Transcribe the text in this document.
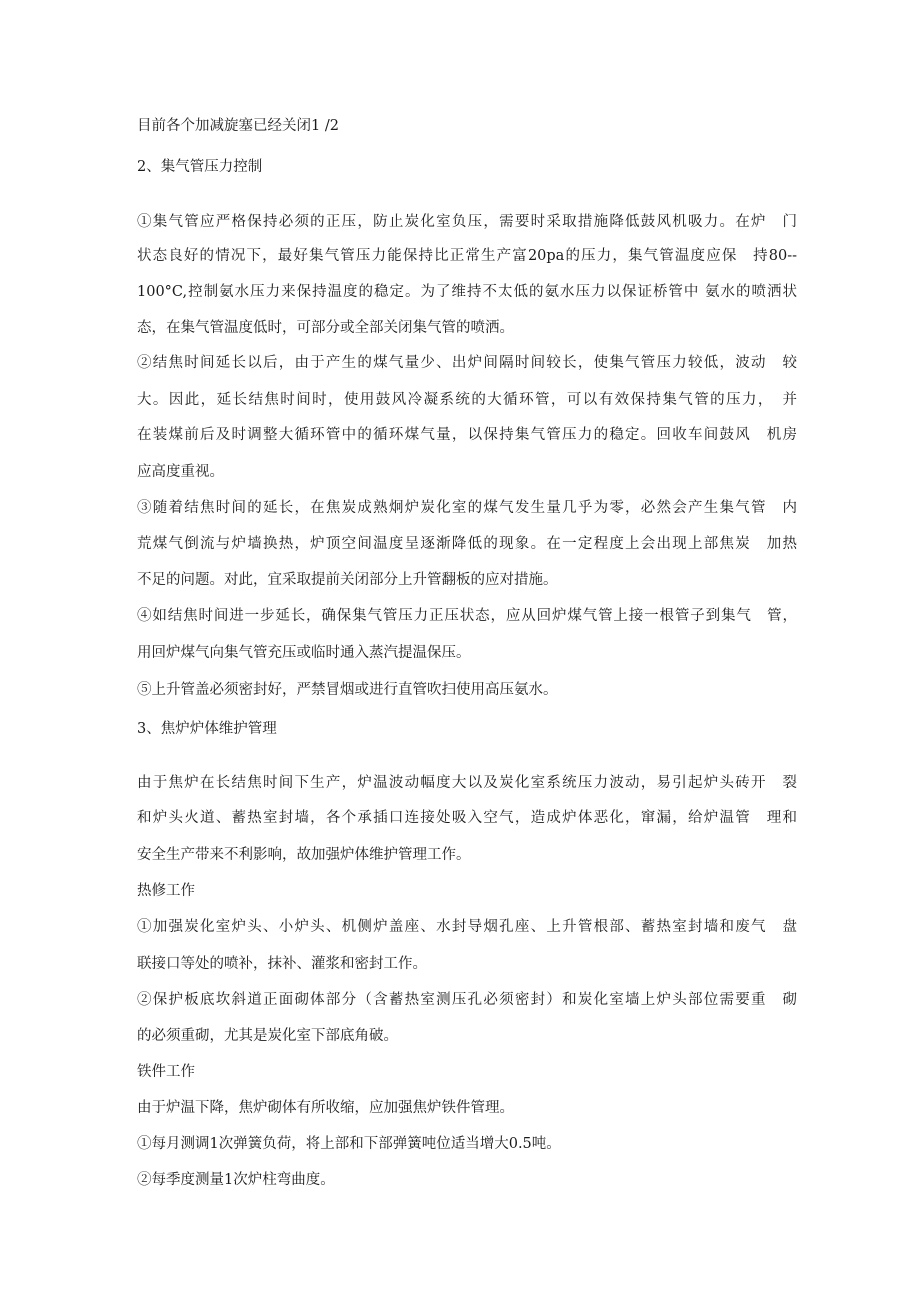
目前各个加减旋塞已经关闭1 /2
2、集气管压力控制
①集气管应严格保持必须的正压，防止炭化室负压，需要时采取措施降低鼓风机吸力。在炉　门
状态良好的情况下，最好集气管压力能保持比正常生产富20pa的压力，集气管温度应保　持80--
100°C,控制氨水压力来保持温度的稳定。为了维持不太低的氨水压力以保证桥管中 氨水的喷洒状
态，在集气管温度低时，可部分或全部关闭集气管的喷洒。
②结焦时间延长以后，由于产生的煤气量少、出炉间隔时间较长，使集气管压力较低，波动　较
大。因此，延长结焦时间时，使用鼓风冷凝系统的大循环管，可以有效保持集气管的压力，　并
在装煤前后及时调整大循环管中的循环煤气量，以保持集气管压力的稳定。回收车间鼓风　机房
应高度重视。
③随着结焦时间的延长，在焦炭成熟炯炉炭化室的煤气发生量几乎为零，必然会产生集气管　内
荒煤气倒流与炉墙换热，炉顶空间温度呈逐渐降低的现象。在一定程度上会出现上部焦炭　加热
不足的问题。对此，宜采取提前关闭部分上升管翻板的应对措施。
④如结焦时间进一步延长，确保集气管压力正压状态，应从回炉煤气管上接一根管子到集气　管，
用回炉煤气向集气管充压或临时通入蒸汽提温保压。
⑤上升管盖必须密封好，严禁冒烟或进行直管吹扫使用高压氨水。
3、焦炉炉体维护管理
由于焦炉在长结焦时间下生产，炉温波动幅度大以及炭化室系统压力波动，易引起炉头砖开　裂
和炉头火道、蓄热室封墙，各个承插口连接处吸入空气，造成炉体恶化，窜漏，给炉温管　理和
安全生产带来不利影响，故加强炉体维护管理工作。
热修工作
①加强炭化室炉头、小炉头、机侧炉盖座、水封导烟孔座、上升管根部、蓄热室封墙和废气　盘
联接口等处的喷补，抹补、灌浆和密封工作。
②保护板底坎斜道正面砌体部分（含蓄热室测压孔必须密封）和炭化室墙上炉头部位需要重　砌
的必须重砌，尤其是炭化室下部底角破。
铁件工作
由于炉温下降，焦炉砌体有所收缩，应加强焦炉铁件管理。
①每月测调1次弹簧负荷，将上部和下部弹簧吨位适当增大0.5吨。
②每季度测量1次炉柱弯曲度。
